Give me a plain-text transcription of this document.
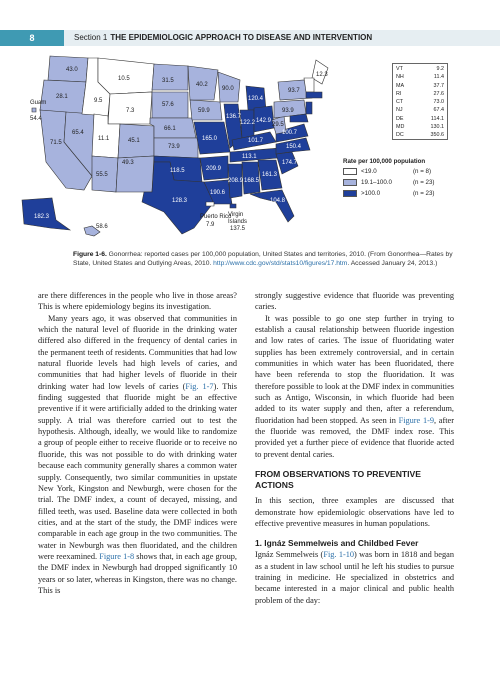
8	Section 1 THE EPIDEMIOLOGIC APPROACH TO DISEASE AND INTERVENTION
43.0
28.1
71.5
65.4
9.5
10.5
7.3
11.1
55.5
45.1
49.3
31.5
57.6
66.1
73.9
118.5
128.3
40.2
59.9
165.0
209.9
190.6
90.0
136.7
120.4
122.2 142.9
101.7
113.1
208.9 168.5
161.3
104.8
174.7
150.4
100.7
29.5
93.9
93.7
12.3
182.3
58.6
Guam
54.4
Puerto Rico
7.9
Virgin Islands
137.5
VT	9.2
NH	11.4
MA	37.7
RI	27.6
CT	73.0
NJ	67.4
DE	114.1
MD	130.1
DC	350.6
Rate per 100,000 population
<19.0	(n = 8)
19.1–100.0	(n = 23)
>100.0	(n = 23)
Figure 1-6. Gonorrhea: reported cases per 100,000 population, United States and territories, 2010. (From Gonorrhea—Rates by State, United States and Outlying Areas, 2010. http://www.cdc.gov/std/stats10/figures/17.htm. Accessed January 24, 2013.)

are there differences in the people who live in those areas? This is where epidemiology begins its investigation.

Many years ago, it was observed that communities in which the natural level of fluoride in the drinking water differed also differed in the frequency of dental caries in the permanent teeth of residents. Communities that had low natural fluoride levels had high levels of caries, and communities that had higher levels of fluoride in their drinking water had low levels of caries (Fig. 1-7). This finding suggested that fluoride might be an effective preventive if it were artificially added to the drinking water supply. A trial was therefore carried out to test the hypothesis. Although, ideally, we would like to randomize a group of people either to receive fluoride or to receive no fluoride, this was not possible to do with drinking water because each community generally shares a common water supply. Consequently, two similar communities in upstate New York, Kingston and Newburgh, were chosen for the trial. The DMF index, a count of decayed, missing, and filled teeth, was used. Baseline data were collected in both cities, and at the start of the study, the DMF indices were comparable in each age group in the two communities. The water in Newburgh was then fluoridated, and the children were reexamined. Figure 1-8 shows that, in each age group, the DMF index in Newburgh had dropped significantly 10 years or so later, whereas in Kingston, there was no change. This is

strongly suggestive evidence that fluoride was preventing caries.

It was possible to go one step further in trying to establish a causal relationship between fluoride ingestion and low rates of caries. The issue of fluoridating water supplies has been extremely controversial, and in certain communities in which water has been fluoridated, there have been referenda to stop the fluoridation. It was therefore possible to look at the DMF index in communities such as Antigo, Wisconsin, in which fluoride had been added to its water supply and then, after a referendum, fluoridation had been stopped. As seen in Figure 1-9, after the fluoride was removed, the DMF index rose. This provided yet a further piece of evidence that fluoride acted to prevent dental caries.

FROM OBSERVATIONS TO PREVENTIVE ACTIONS

In this section, three examples are discussed that demonstrate how epidemiologic observations have led to effective preventive measures in human populations.

1. Ignáz Semmelweis and Childbed Fever

Ignáz Semmelweis (Fig. 1-10) was born in 1818 and began as a student in law school until he left his studies to pursue training in medicine. He specialized in obstetrics and became interested in a major clinical and public health problem of the day:
